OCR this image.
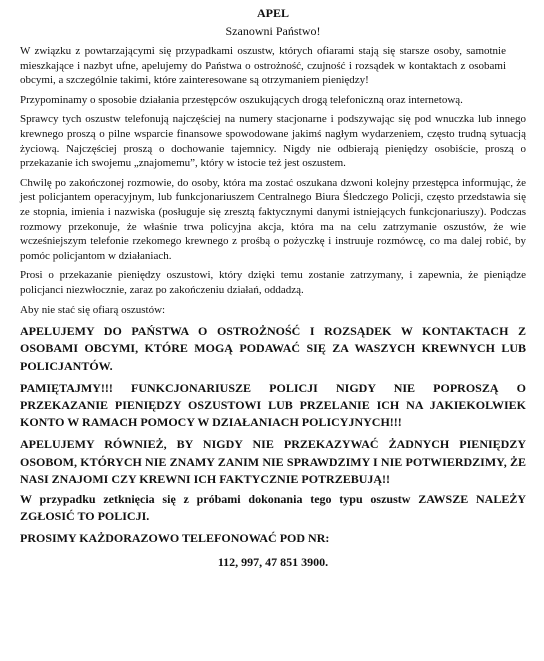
APEL
Szanowni Państwo!

W związku z powtarzającymi się przypadkami oszustw, których ofiarami stają się starsze osoby, samotnie mieszkające i nazbyt ufne, apelujemy do Państwa o ostrożność, czujność i rozsądek w kontaktach z osobami obcymi, a szczególnie takimi, które zainteresowane są otrzymaniem pieniędzy!

Przypominamy o sposobie działania przestępców oszukujących drogą telefoniczną oraz internetową.

Sprawcy tych oszustw telefonują najczęściej na numery stacjonarne i podszywając się pod wnuczka lub innego krewnego proszą o pilne wsparcie finansowe spowodowane jakimś nagłym wydarzeniem, często trudną sytuacją życiową. Najczęściej proszą o dochowanie tajemnicy. Nigdy nie odbierają pieniędzy osobiście, proszą o przekazanie ich swojemu „znajomemu”, który w istocie też jest oszustem.

Chwilę po zakończonej rozmowie, do osoby, która ma zostać oszukana dzwoni kolejny przestępca informując, że jest policjantem operacyjnym, lub funkcjonariuszem Centralnego Biura Śledczego Policji, często przedstawia się ze stopnia, imienia i nazwiska (posługuje się zresztą faktycznymi danymi istniejących funkcjonariuszy). Podczas rozmowy przekonuje, że właśnie trwa policyjna akcja, która ma na celu zatrzymanie oszustów, że wie wcześniejszym telefonie rzekomego krewnego z prośbą o pożyczkę i instruuje rozmówcę, co ma dalej robić, by pomóc policjantom w działaniach.

Prosi o przekazanie pieniędzy oszustowi, który dzięki temu zostanie zatrzymany, i zapewnia, że pieniądze policjanci niezwłocznie, zaraz po zakończeniu działań, oddadzą.

Aby nie stać się ofiarą oszustów:

APELUJEMY DO PAŃSTWA O OSTROŻNOŚĆ I ROZSĄDEK W KONTAKTACH Z OSOBAMI OBCYMI, KTÓRE MOGĄ PODAWAĆ SIĘ ZA WASZYCH KREWNYCH LUB POLICJANTÓW.

PAMIĘTAJMY!!! FUNKCJONARIUSZE POLICJI NIGDY NIE POPROSZĄ O PRZEKAZANIE PIENIĘDZY OSZUSTOWI LUB PRZELANIE ICH NA JAKIEKOLWIEK KONTO W RAMACH POMOCY W DZIAŁANIACH POLICYJNYCH!!!

APELUJEMY RÓWNIEŻ, BY NIGDY NIE PRZEKAZYWAĆ ŻADNYCH PIENIĘDZY OSOBOM, KTÓRYCH NIE ZNAMY ZANIM NIE SPRAWDZIMY I NIE POTWIERDZIMY, ŻE NASI ZNAJOMI CZY KREWNI ICH FAKTYCZNIE POTRZEBUJĄ!!

W przypadku zetknięcia się z próbami dokonania tego typu oszustw ZAWSZE NALEŻY ZGŁOSIĆ TO POLICJI.

PROSIMY KAŻDORAZOWO TELEFONOWAĆ POD NR:

112, 997, 47 851 3900.
